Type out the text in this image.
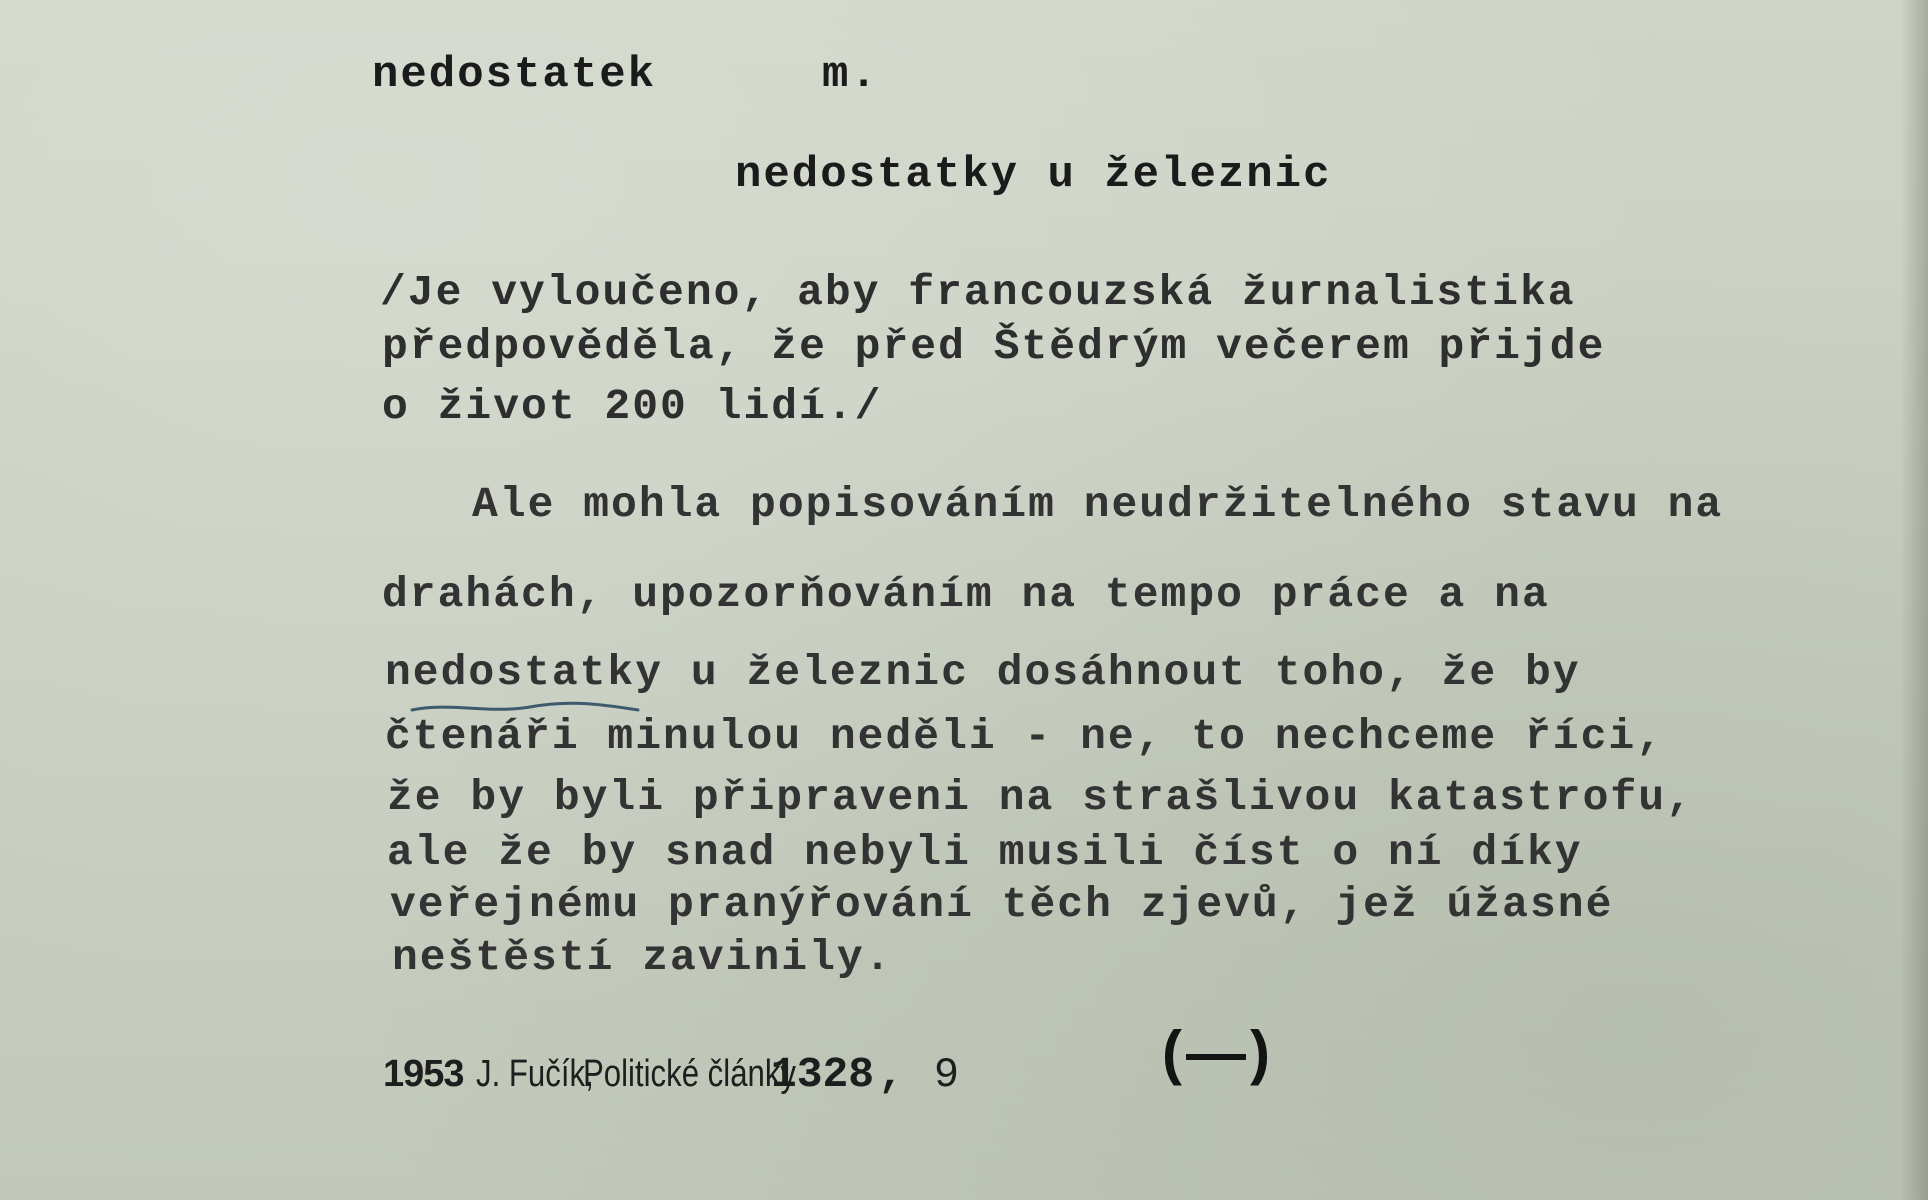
nedostatek	m.

nedostatky u železnic

/Je vyloučeno, aby francouzská žurnalistika

předpověděla, že před Štědrým večerem přijde

o život 200 lidí./

Ale mohla popisováním neudržitelného stavu na

drahách, upozorňováním na tempo práce a na

nedostatky u železnic dosáhnout toho, že by

čtenáři minulou neděli - ne, to nechceme říci,

že by byli připraveni na strašlivou katastrofu,

ale že by snad nebyli musili číst o ní díky

veřejnému pranýřování těch zjevů, jež úžasné

neštěstí zavinily.

1953 J. Fučík,Politické články1328, 9	(—)
